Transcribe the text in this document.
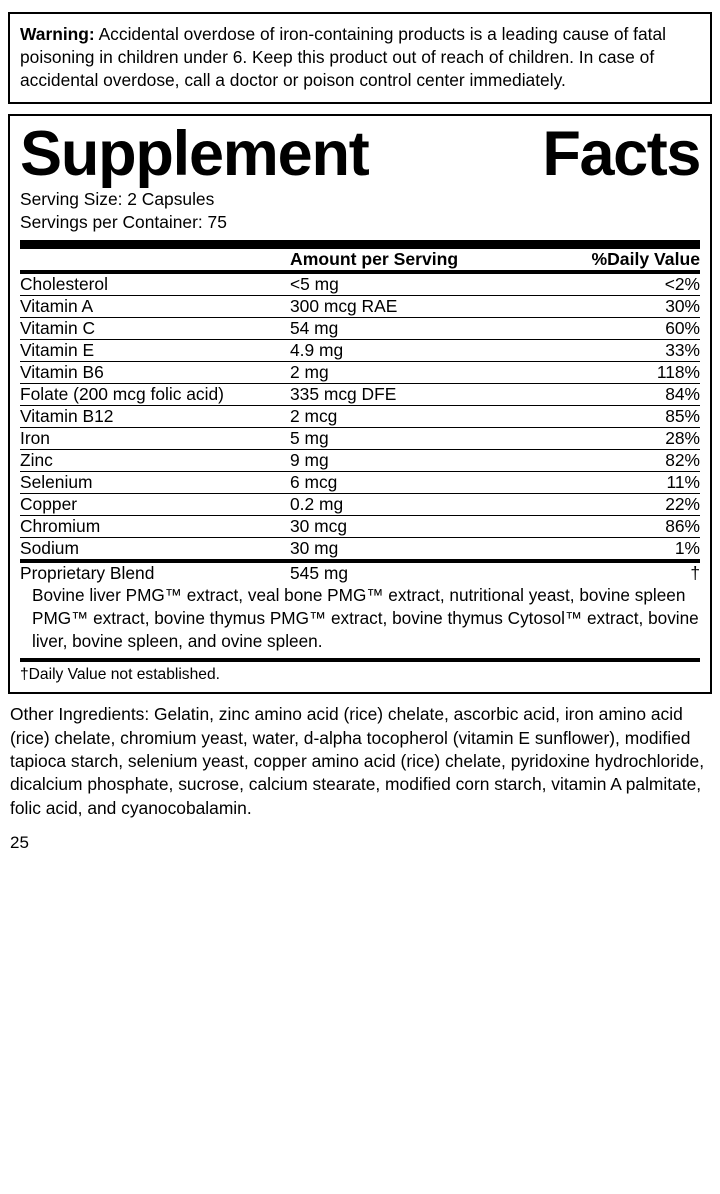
Warning: Accidental overdose of iron-containing products is a leading cause of fatal poisoning in children under 6. Keep this product out of reach of children. In case of accidental overdose, call a doctor or poison control center immediately.

Supplement	Facts
Serving Size: 2 Capsules
Servings per Container: 75
	Amount per Serving	%Daily Value
Cholesterol	<5 mg	<2%
Vitamin A	300 mcg RAE	30%
Vitamin C	54 mg	60%
Vitamin E	4.9 mg	33%
Vitamin B6	2 mg	118%
Folate (200 mcg folic acid)	335 mcg DFE	84%
Vitamin B12	2 mcg	85%
Iron	5 mg	28%
Zinc	9 mg	82%
Selenium	6 mcg	11%
Copper	0.2 mg	22%
Chromium	30 mcg	86%
Sodium	30 mg	1%
Proprietary Blend	545 mg	†
Bovine liver PMG™ extract, veal bone PMG™ extract, nutritional yeast, bovine spleen PMG™ extract, bovine thymus PMG™ extract, bovine thymus Cytosol™ extract, bovine liver, bovine spleen, and ovine spleen.
†Daily Value not established.
Other Ingredients: Gelatin, zinc amino acid (rice) chelate, ascorbic acid, iron amino acid (rice) chelate, chromium yeast, water, d-alpha tocopherol (vitamin E sunflower), modified tapioca starch, selenium yeast, copper amino acid (rice) chelate, pyridoxine hydrochloride, dicalcium phosphate, sucrose, calcium stearate, modified corn starch, vitamin A palmitate, folic acid, and cyanocobalamin.
25
